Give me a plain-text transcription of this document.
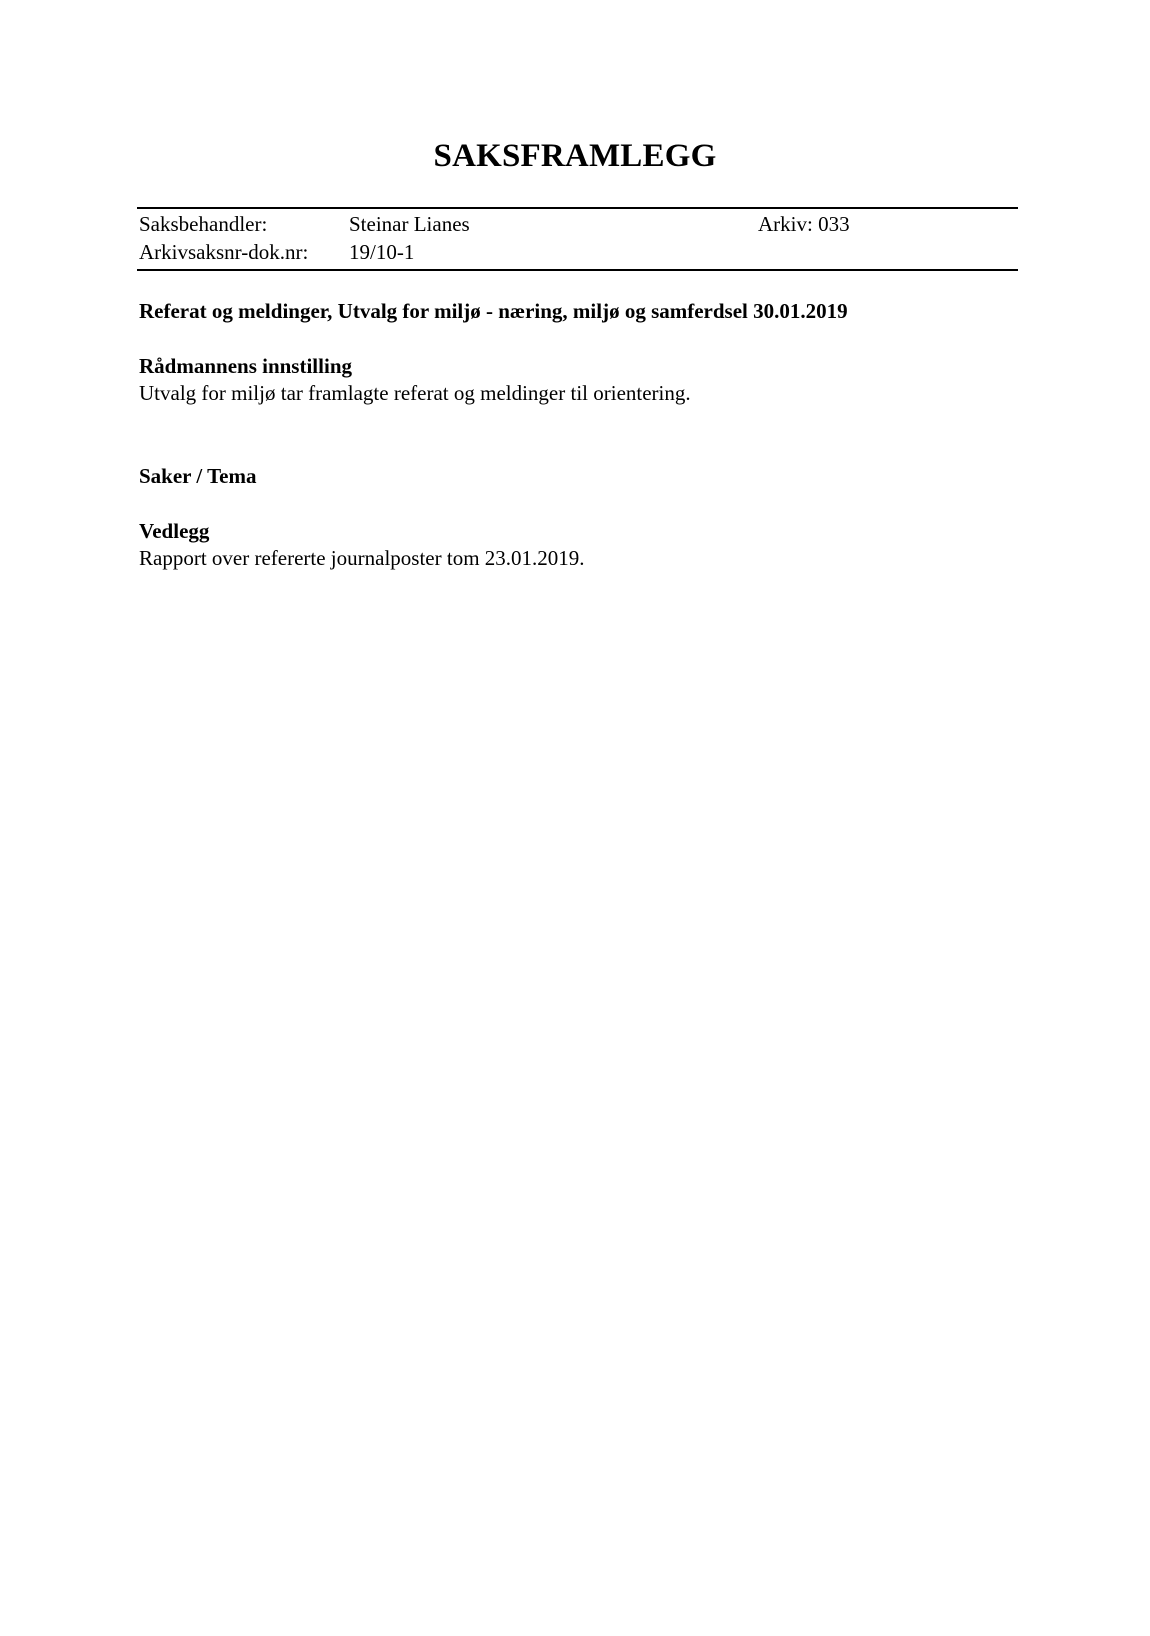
SAKSFRAMLEGG
Saksbehandler:	Steinar Lianes	Arkiv: 033
Arkivsaksnr-dok.nr: 19/10-1
Referat og meldinger, Utvalg for miljø - næring, miljø og samferdsel 30.01.2019
Rådmannens innstilling
Utvalg for miljø tar framlagte referat og meldinger til orientering.
Saker / Tema
Vedlegg
Rapport over refererte journalposter tom 23.01.2019.
